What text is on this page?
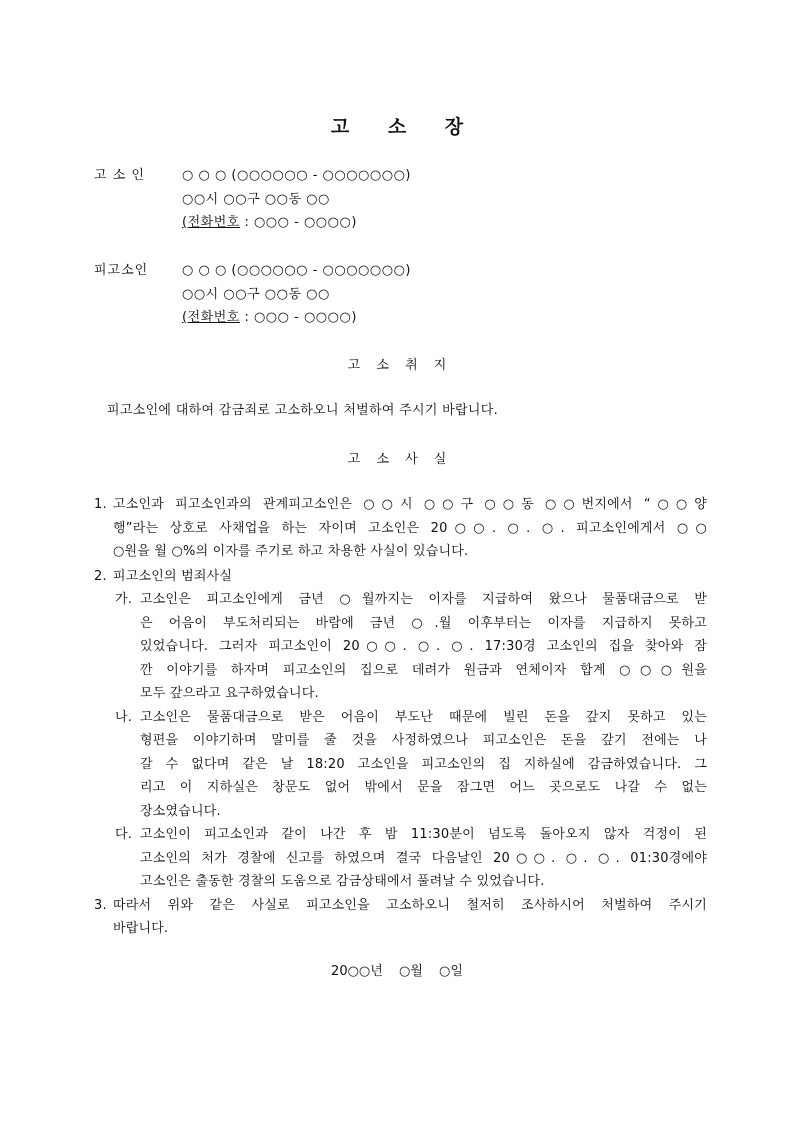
고 소 장
고 소 인	○ ○ ○ (○○○○○○ - ○○○○○○○)
○○시 ○○구 ○○동 ○○
(전화번호 : ○○○ - ○○○○)
피고소인	○ ○ ○ (○○○○○○ - ○○○○○○○)
○○시 ○○구 ○○동 ○○
(전화번호 : ○○○ - ○○○○)
고 소 취 지
피고소인에 대하여 감금죄로 고소하오니 처벌하여 주시기 바랍니다.
고 소 사 실
1. 고소인과 피고소인과의 관계피고소인은 ○○시 ○○구 ○○동 ○○번지에서 “○○양
행”라는 상호로 사채업을 하는 자이며 고소인은 20○○. ○. ○. 피고소인에게서 ○○
○원을 월 ○%의 이자를 주기로 하고 차용한 사실이 있습니다.
2. 피고소인의 범죄사실
가. 고소인은 피고소인에게 금년 ○월까지는 이자를 지급하여 왔으나 물품대금으로 받
은 어음이 부도처리되는 바람에 금년 ○.월 이후부터는 이자를 지급하지 못하고
있었습니다. 그러자 피고소인이 20○○. ○. ○. 17:30경 고소인의 집을 찾아와 잠
깐 이야기를 하자며 피고소인의 집으로 데려가 원금과 연체이자 합계 ○○○원을
모두 갚으라고 요구하였습니다.
나. 고소인은 물품대금으로 받은 어음이 부도난 때문에 빌린 돈을 갚지 못하고 있는
형편을 이야기하며 말미를 줄 것을 사정하였으나 피고소인은 돈을 갚기 전에는 나
갈 수 없다며 같은 날 18:20 고소인을 피고소인의 집 지하실에 감금하였습니다. 그
리고 이 지하실은 창문도 없어 밖에서 문을 잠그면 어느 곳으로도 나갈 수 없는
장소였습니다.
다. 고소인이 피고소인과 같이 나간 후 밤 11:30분이 넘도록 돌아오지 않자 걱정이 된
고소인의 처가 경찰에 신고를 하였으며 결국 다음날인 20○○. ○. ○. 01:30경에야
고소인은 출동한 경찰의 도움으로 감금상태에서 풀려날 수 있었습니다.
3. 따라서 위와 같은 사실로 피고소인을 고소하오니 철저히 조사하시어 처벌하여 주시기
바랍니다.
20○○년 ○월 ○일
